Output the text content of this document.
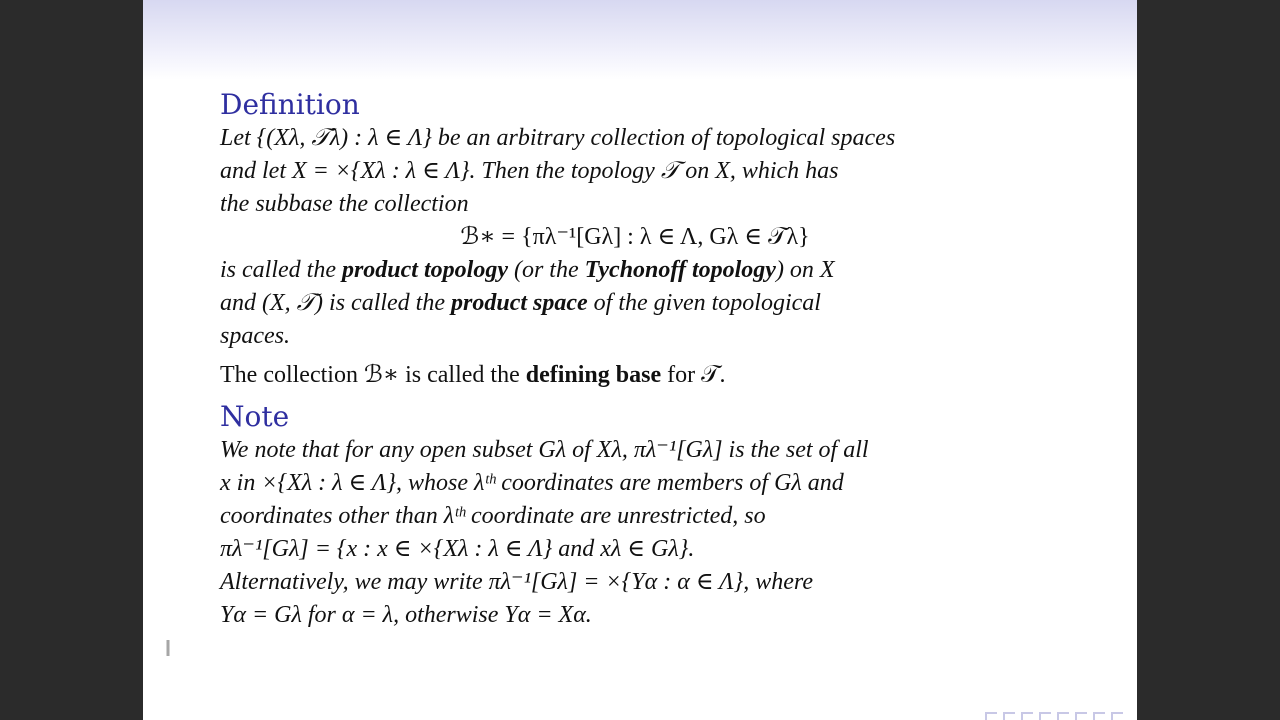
Definition
Let {(Xλ, 𝒯λ) : λ ∈ Λ} be an arbitrary collection of topological spaces
and let X = ×{Xλ : λ ∈ Λ}. Then the topology 𝒯 on X, which has
the subbase the collection
ℬ∗ = {πλ⁻¹[Gλ] : λ ∈ Λ, Gλ ∈ 𝒯λ}
is called the product topology (or the Tychonoff topology) on X
and (X, 𝒯) is called the product space of the given topological
spaces.
The collection ℬ∗ is called the defining base for 𝒯.
Note
We note that for any open subset Gλ of Xλ, πλ⁻¹[Gλ] is the set of all
x in ×{Xλ : λ ∈ Λ}, whose λᵗʰ coordinates are members of Gλ and
coordinates other than λᵗʰ coordinate are unrestricted, so
πλ⁻¹[Gλ] = {x : x ∈ ×{Xλ : λ ∈ Λ} and xλ ∈ Gλ}.
Alternatively, we may write πλ⁻¹[Gλ] = ×{Yα : α ∈ Λ}, where
Yα = Gλ for α = λ, otherwise Yα = Xα.
